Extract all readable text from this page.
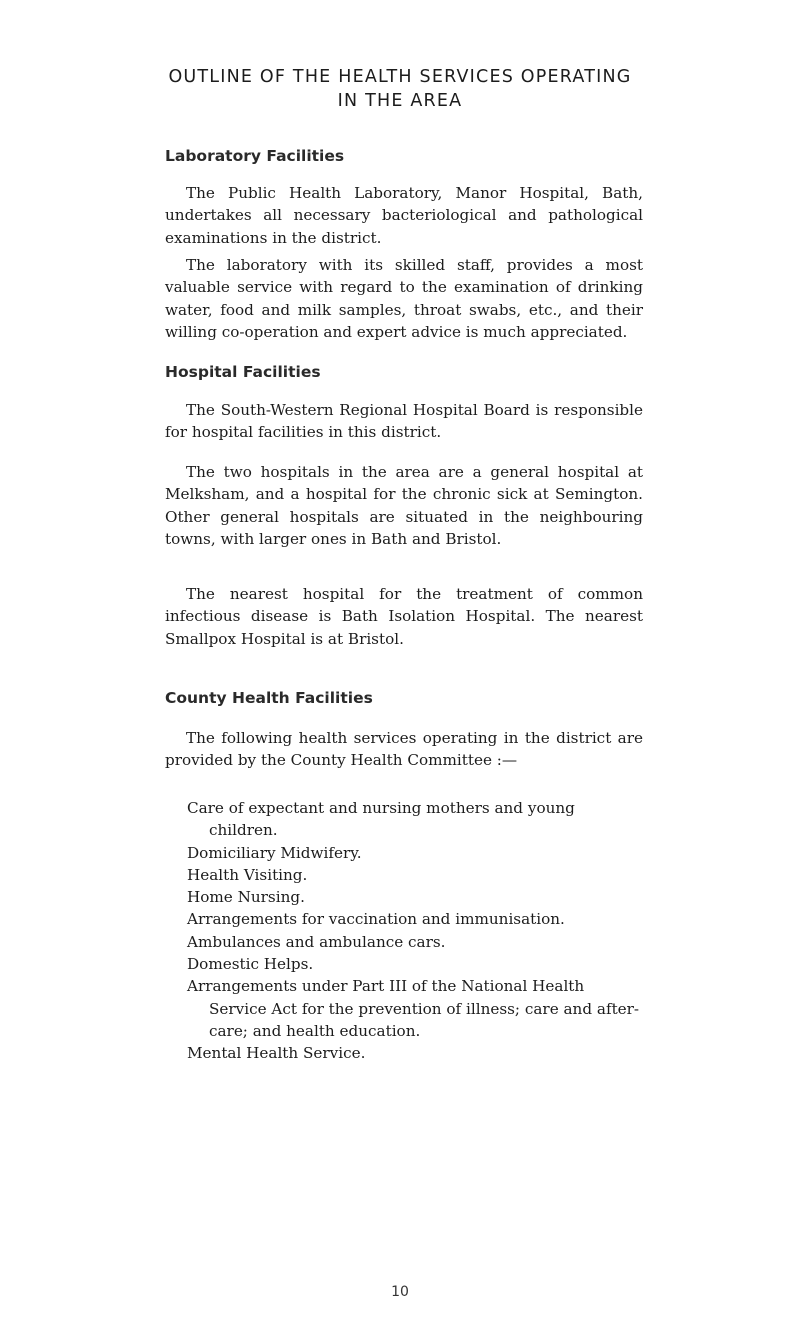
OUTLINE OF THE HEALTH SERVICES OPERATING
IN THE AREA
Laboratory Facilities

The Public Health Laboratory, Manor Hospital, Bath, undertakes all necessary bacteriological and pathological examinations in the district.

The laboratory with its skilled staff, provides a most valuable service with regard to the examination of drinking water, food and milk samples, throat swabs, etc., and their willing co-operation and expert advice is much appreciated.

Hospital Facilities

The South-Western Regional Hospital Board is responsible for hospital facilities in this district.

The two hospitals in the area are a general hospital at Melksham, and a hospital for the chronic sick at Semington. Other general hospitals are situated in the neighbouring towns, with larger ones in Bath and Bristol.

The nearest hospital for the treatment of common infectious disease is Bath Isolation Hospital. The nearest Smallpox Hospital is at Bristol.

County Health Facilities

The following health services operating in the district are provided by the County Health Committee :—

Care of expectant and nursing mothers and young children.
Domiciliary Midwifery.
Health Visiting.
Home Nursing.
Arrangements for vaccination and immunisation.
Ambulances and ambulance cars.
Domestic Helps.
Arrangements under Part III of the National Health Service Act for the prevention of illness; care and after-care; and health education.
Mental Health Service.
10
